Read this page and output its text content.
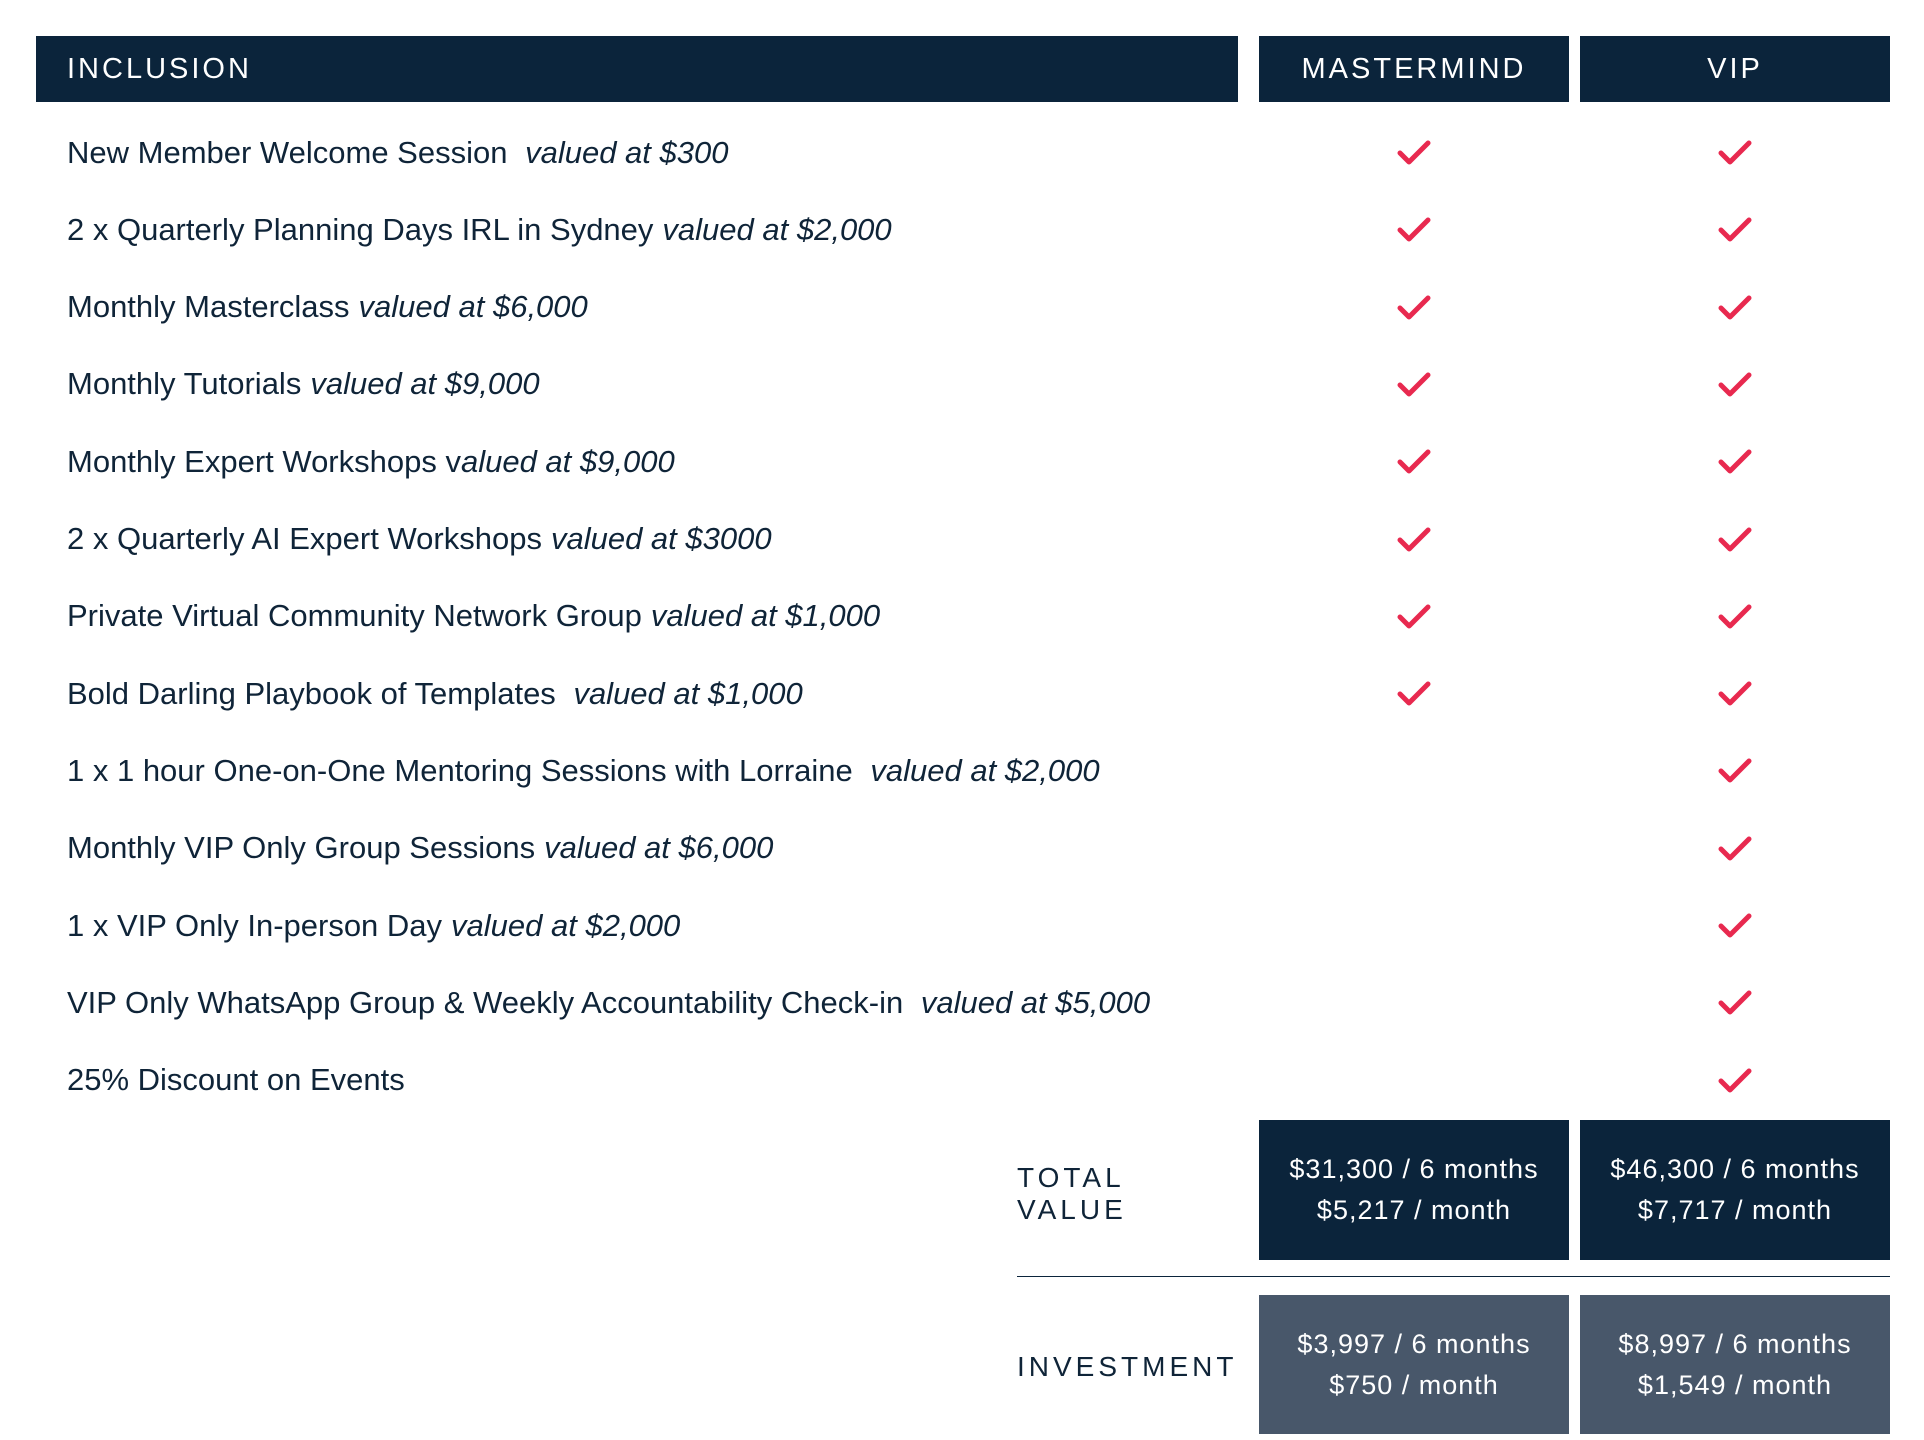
INCLUSION	MASTERMIND	VIP
New Member Welcome Session valued at $300
2 x Quarterly Planning Days IRL in Sydney valued at $2,000
Monthly Masterclass valued at $6,000
Monthly Tutorials valued at $9,000
Monthly Expert Workshops v alued at $9,000
2 x Quarterly AI Expert Workshops valued at $3000
Private Virtual Community Network Group valued at $1,000
Bold Darling Playbook of Templates valued at $1,000
1 x 1 hour One-on-One Mentoring Sessions with Lorraine valued at $2,000
Monthly VIP Only Group Sessions valued at $6,000
1 x VIP Only In-person Day valued at $2,000
VIP Only WhatsApp Group & Weekly Accountability Check-in valued at $5,000
25% Discount on Events
TOTAL
VALUE
$31,300 / 6 months
$5,217 / month
$46,300 / 6 months
$7,717 / month
INVESTMENT
$3,997 / 6 months
$750 / month
$8,997 / 6 months
$1,549 / month
